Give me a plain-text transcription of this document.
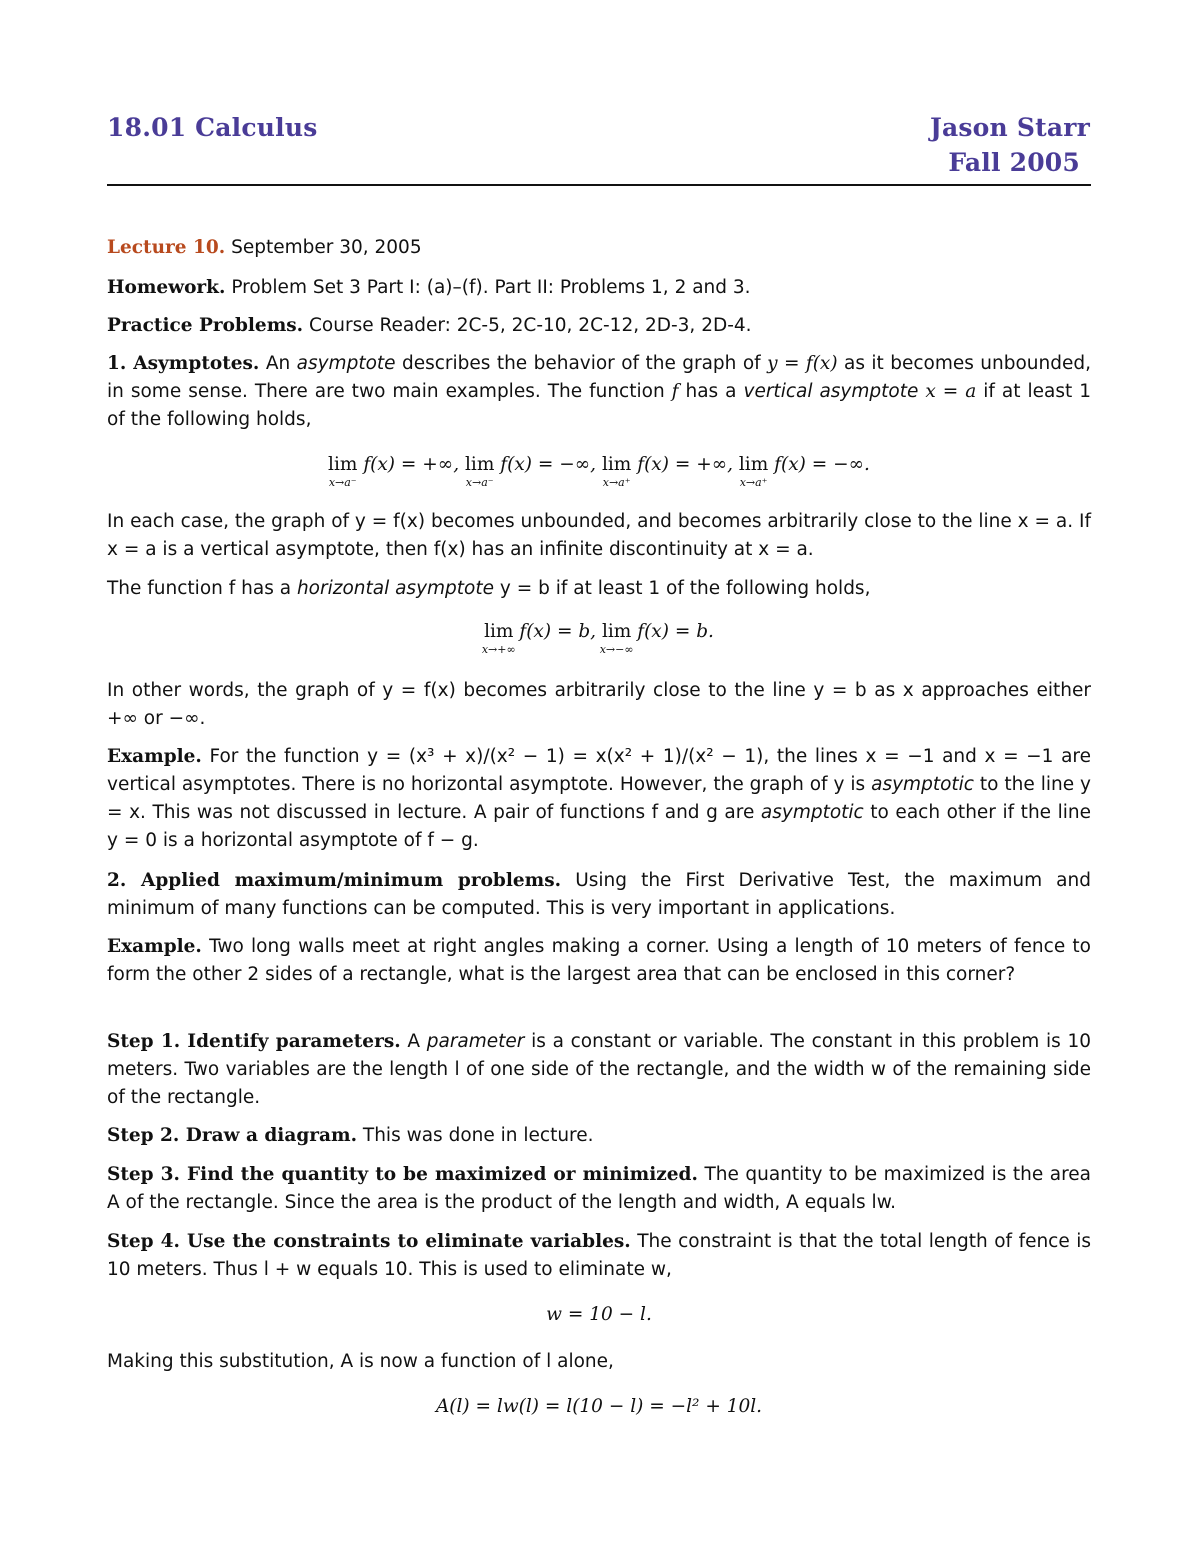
18.01 Calculus	Jason Starr
Fall 2005

Lecture 10. September 30, 2005

Homework. Problem Set 3 Part I: (a)–(f). Part II: Problems 1, 2 and 3.

Practice Problems. Course Reader: 2C-5, 2C-10, 2C-12, 2D-3, 2D-4.

1. Asymptotes. An asymptote describes the behavior of the graph of y = f(x) as it becomes unbounded, in some sense. There are two main examples. The function f has a vertical asymptote x = a if at least 1 of the following holds,

lim
x→a⁻
f(x) = +∞, lim
x→a⁻
f(x) = −∞, lim
x→a⁺
f(x) = +∞, lim
x→a⁺
f(x) = −∞.

In each case, the graph of y = f(x) becomes unbounded, and becomes arbitrarily close to the line x = a. If x = a is a vertical asymptote, then f(x) has an infinite discontinuity at x = a.

The function f has a horizontal asymptote y = b if at least 1 of the following holds,

lim
x→+∞
f(x) = b, lim
x→−∞
f(x) = b.

In other words, the graph of y = f(x) becomes arbitrarily close to the line y = b as x approaches either +∞ or −∞.

Example. For the function y = (x³ + x)/(x² − 1) = x(x² + 1)/(x² − 1), the lines x = −1 and x = −1 are vertical asymptotes. There is no horizontal asymptote. However, the graph of y is asymptotic to the line y = x. This was not discussed in lecture. A pair of functions f and g are asymptotic to each other if the line y = 0 is a horizontal asymptote of f − g.

2. Applied maximum/minimum problems. Using the First Derivative Test, the maximum and minimum of many functions can be computed. This is very important in applications.

Example. Two long walls meet at right angles making a corner. Using a length of 10 meters of fence to form the other 2 sides of a rectangle, what is the largest area that can be enclosed in this corner?

Step 1. Identify parameters. A parameter is a constant or variable. The constant in this problem is 10 meters. Two variables are the length l of one side of the rectangle, and the width w of the remaining side of the rectangle.

Step 2. Draw a diagram. This was done in lecture.

Step 3. Find the quantity to be maximized or minimized. The quantity to be maximized is the area A of the rectangle. Since the area is the product of the length and width, A equals lw.

Step 4. Use the constraints to eliminate variables. The constraint is that the total length of fence is 10 meters. Thus l + w equals 10. This is used to eliminate w,

w = 10 − l.

Making this substitution, A is now a function of l alone,

A(l) = lw(l) = l(10 − l) = −l² + 10l.
